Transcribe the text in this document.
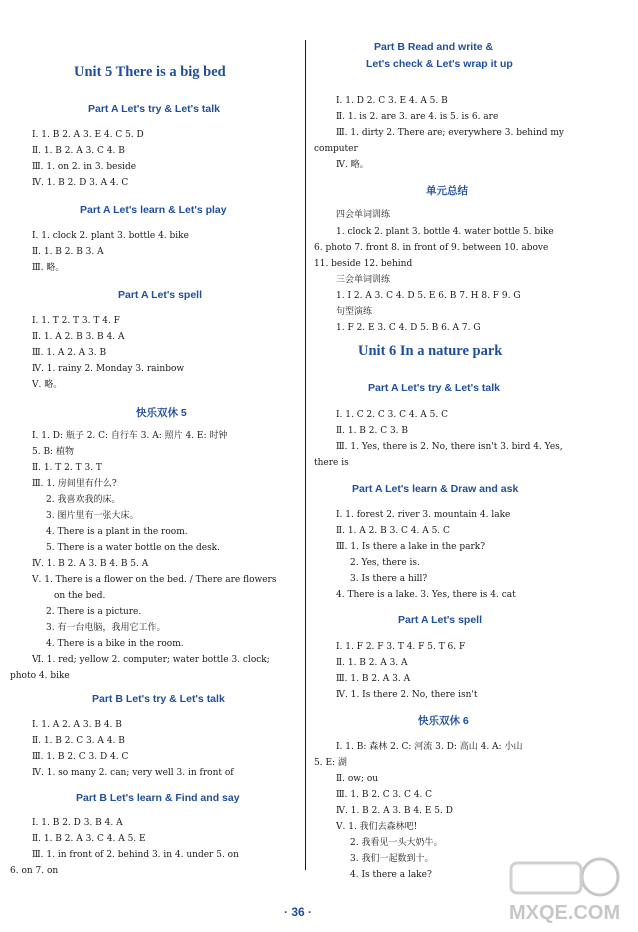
Unit 5 There is a big bed
Part A Let's try & Let's talk
Ⅰ. 1. B 2. A 3. E 4. C 5. D
Ⅱ. 1. B 2. A 3. C 4. B
Ⅲ. 1. on 2. in 3. beside
Ⅳ. 1. B 2. D 3. A 4. C
Part A Let's learn & Let's play
Ⅰ. 1. clock 2. plant 3. bottle 4. bike
Ⅱ. 1. B 2. B 3. A
Ⅲ. 略。
Part A Let's spell
Ⅰ. 1. T 2. T 3. T 4. F
Ⅱ. 1. A 2. B 3. B 4. A
Ⅲ. 1. A 2. A 3. B
Ⅳ. 1. rainy 2. Monday 3. rainbow
Ⅴ. 略。
快乐双休 5
Ⅰ. 1. D: 瓶子 2. C: 自行车 3. A: 照片 4. E: 时钟
5. B: 植物
Ⅱ. 1. T 2. T 3. T
Ⅲ. 1. 房间里有什么?
2. 我喜欢我的床。
3. 图片里有一张大床。
4. There is a plant in the room.
5. There is a water bottle on the desk.
Ⅳ. 1. B 2. A 3. B 4. B 5. A
Ⅴ. 1. There is a flower on the bed. / There are flowers
on the bed.
2. There is a picture.
3. 有一台电脑，我用它工作。
4. There is a bike in the room.
Ⅵ. 1. red; yellow 2. computer; water bottle 3. clock;
photo 4. bike
Part B Let's try & Let's talk
Ⅰ. 1. A 2. A 3. B 4. B
Ⅱ. 1. B 2. C 3. A 4. B
Ⅲ. 1. B 2. C 3. D 4. C
Ⅳ. 1. so many 2. can; very well 3. in front of
Part B Let's learn & Find and say
Ⅰ. 1. B 2. D 3. B 4. A
Ⅱ. 1. B 2. A 3. C 4. A 5. E
Ⅲ. 1. in front of 2. behind 3. in 4. under 5. on
6. on 7. on
Part B Read and write &
Let's check & Let's wrap it up
Ⅰ. 1. D 2. C 3. E 4. A 5. B
Ⅱ. 1. is 2. are 3. are 4. is 5. is 6. are
Ⅲ. 1. dirty 2. There are; everywhere 3. behind my
computer
Ⅳ. 略。
单元总结
四会单词训练
1. clock 2. plant 3. bottle 4. water bottle 5. bike
6. photo 7. front 8. in front of 9. between 10. above
11. beside 12. behind
三会单词训练
1. I 2. A 3. C 4. D 5. E 6. B 7. H 8. F 9. G
句型演练
1. F 2. E 3. C 4. D 5. B 6. A 7. G
Unit 6 In a nature park
Part A Let's try & Let's talk
Ⅰ. 1. C 2. C 3. C 4. A 5. C
Ⅱ. 1. B 2. C 3. B
Ⅲ. 1. Yes, there is 2. No, there isn't 3. bird 4. Yes,
there is
Part A Let's learn & Draw and ask
Ⅰ. 1. forest 2. river 3. mountain 4. lake
Ⅱ. 1. A 2. B 3. C 4. A 5. C
Ⅲ. 1. Is there a lake in the park?
2. Yes, there is.
3. Is there a hill?
4. There is a lake. 3. Yes, there is 4. cat
Part A Let's spell
Ⅰ. 1. F 2. F 3. T 4. F 5. T 6. F
Ⅱ. 1. B 2. A 3. A
Ⅲ. 1. B 2. A 3. A
Ⅳ. 1. Is there 2. No, there isn't
快乐双休 6
Ⅰ. 1. B: 森林 2. C: 河流 3. D: 高山 4. A: 小山
5. E: 湖
Ⅱ. ow; ou
Ⅲ. 1. B 2. C 3. C 4. C
Ⅳ. 1. B 2. A 3. B 4. E 5. D
Ⅴ. 1. 我们去森林吧!
2. 我看见一头大奶牛。
3. 我们一起数到十。
4. Is there a lake?
· 36 ·	MXQE.COM
